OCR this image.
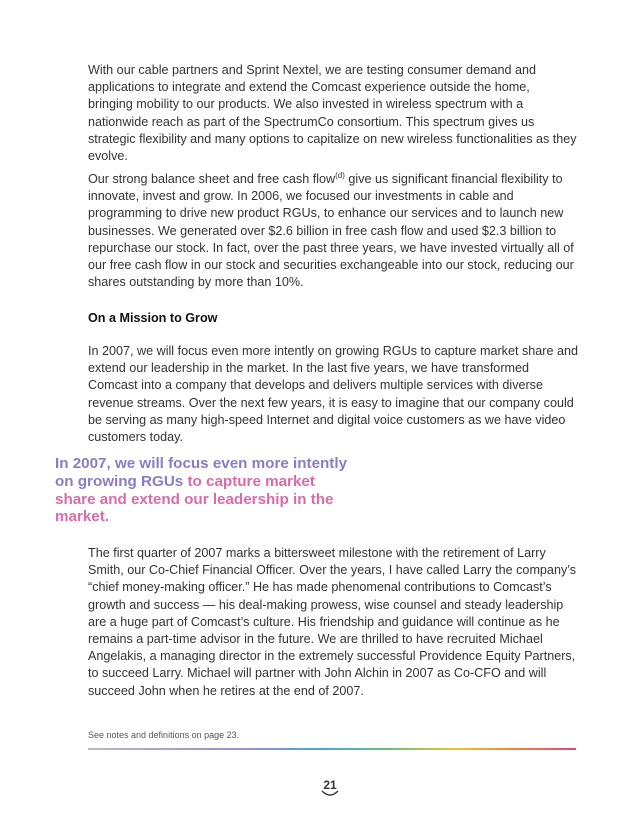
With our cable partners and Sprint Nextel, we are testing consumer demand and applications to integrate and extend the Comcast experience outside the home, bringing mobility to our products. We also invested in wireless spectrum with a nationwide reach as part of the SpectrumCo consortium. This spectrum gives us strategic flexibility and many options to capitalize on new wireless functionalities as they evolve.

Our strong balance sheet and free cash flow$^{(d)}$ give us significant financial flexibility to innovate, invest and grow. In 2006, we focused our investments in cable and programming to drive new product RGUs, to enhance our services and to launch new businesses. We generated over $2.6 billion in free cash flow and used $2.3 billion to repurchase our stock. In fact, over the past three years, we have invested virtually all of our free cash flow in our stock and securities exchangeable into our stock, reducing our shares outstanding by more than 10%.

On a Mission to Grow

In 2007, we will focus even more intently on growing RGUs to capture market share and extend our leadership in the market. In the last five years, we have transformed Comcast into a company that develops and delivers multiple services with diverse revenue streams. Over the next few years, it is easy to imagine that our company could be serving as many high-speed Internet and digital voice customers as we have video customers today.

In 2007, we will focus even more intently on growing RGUs to capture market share and extend our leadership in the market.

The first quarter of 2007 marks a bittersweet milestone with the retirement of Larry Smith, our Co-Chief Financial Officer. Over the years, I have called Larry the company’s “chief money-making officer.” He has made phenomenal contributions to Comcast’s growth and success — his deal-making prowess, wise counsel and steady leadership are a huge part of Comcast’s culture. His friendship and guidance will continue as he remains a part-time advisor in the future. We are thrilled to have recruited Michael Angelakis, a managing director in the extremely successful Providence Equity Partners, to succeed Larry. Michael will partner with John Alchin in 2007 as Co-CFO and will succeed John when he retires at the end of 2007.

See notes and definitions on page 23.

21
